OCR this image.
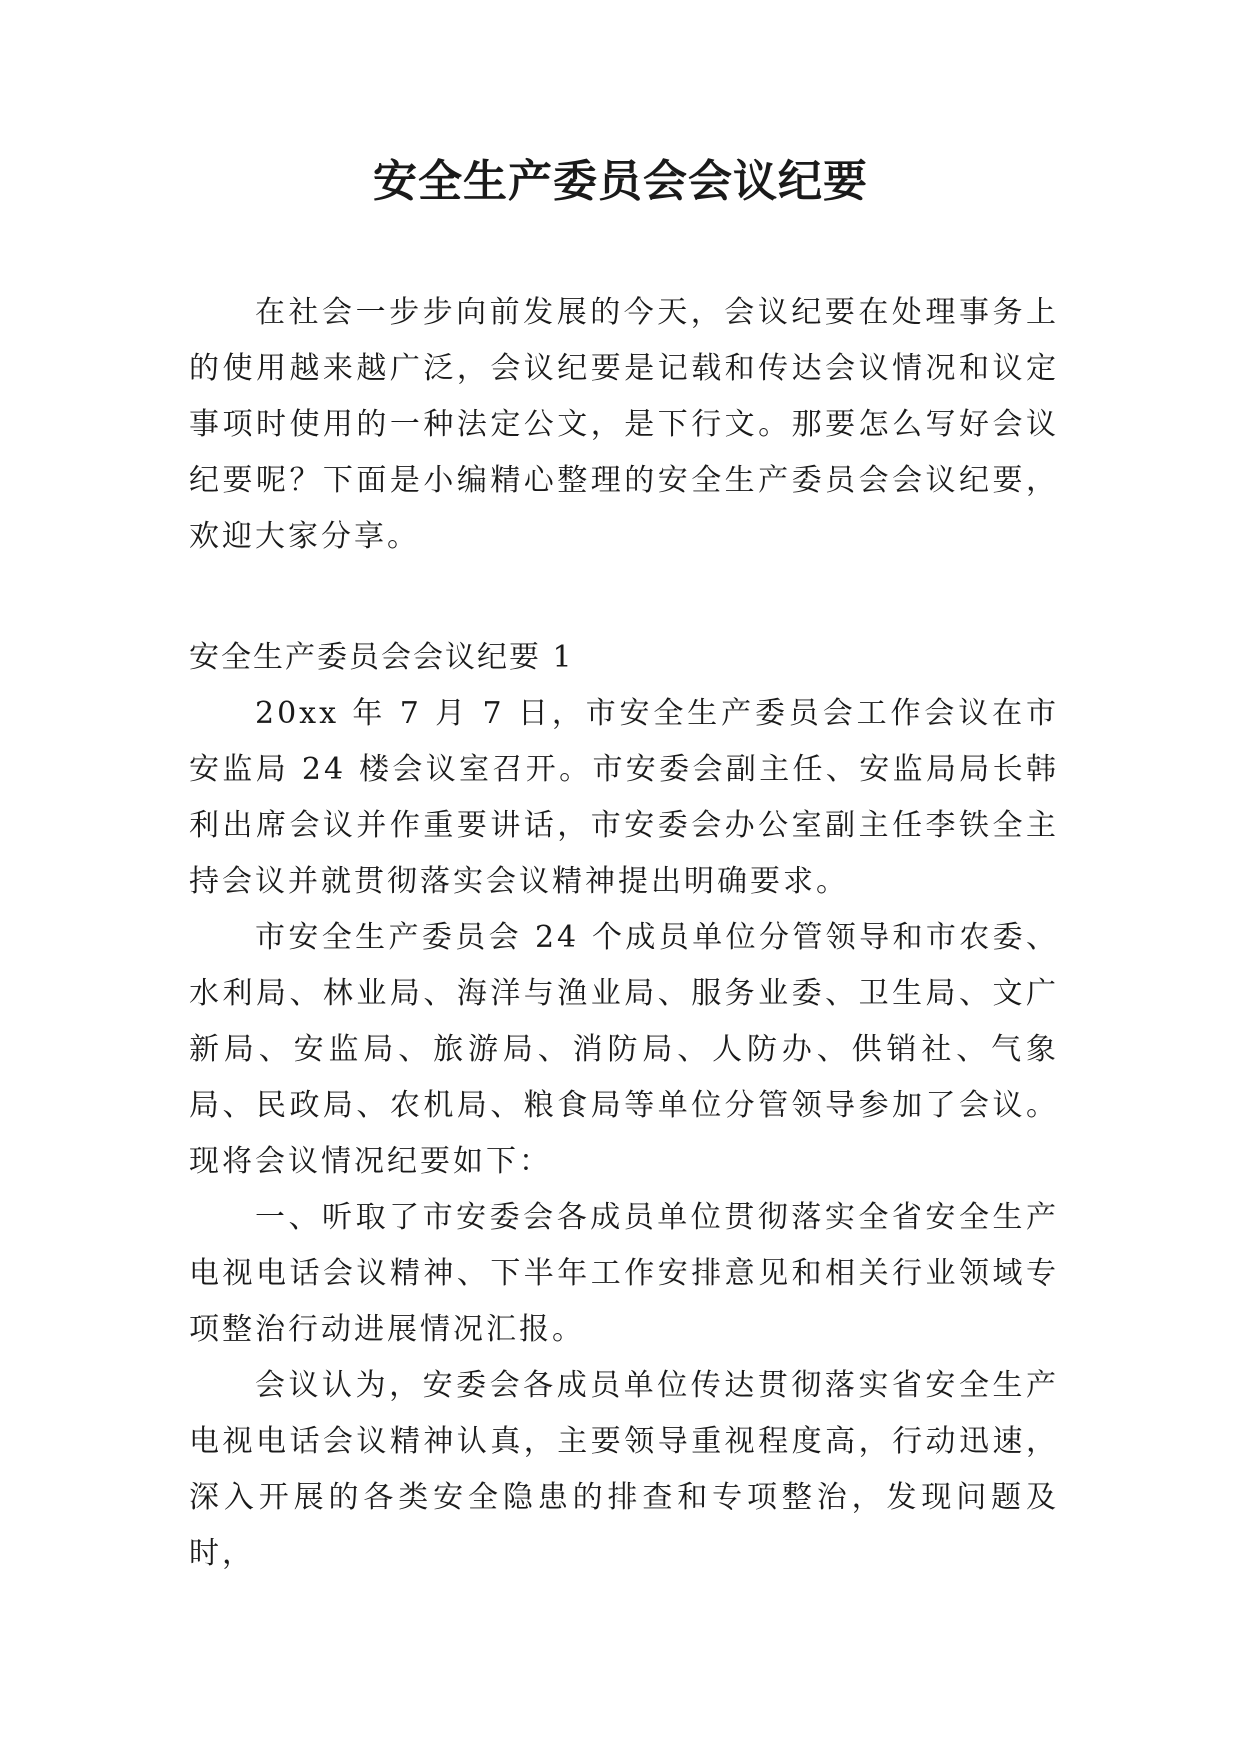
安全生产委员会会议纪要

在社会一步步向前发展的今天，会议纪要在处理事务上的使用越来越广泛，会议纪要是记载和传达会议情况和议定事项时使用的一种法定公文，是下行文。那要怎么写好会议纪要呢？下面是小编精心整理的安全生产委员会会议纪要，欢迎大家分享。

安全生产委员会会议纪要 1

20xx 年 7 月 7 日，市安全生产委员会工作会议在市安监局 24 楼会议室召开。市安委会副主任、安监局局长韩利出席会议并作重要讲话，市安委会办公室副主任李铁全主持会议并就贯彻落实会议精神提出明确要求。

市安全生产委员会 24 个成员单位分管领导和市农委、水利局、林业局、海洋与渔业局、服务业委、卫生局、文广新局、安监局、旅游局、消防局、人防办、供销社、气象局、民政局、农机局、粮食局等单位分管领导参加了会议。现将会议情况纪要如下：

一、听取了市安委会各成员单位贯彻落实全省安全生产电视电话会议精神、下半年工作安排意见和相关行业领域专项整治行动进展情况汇报。

会议认为，安委会各成员单位传达贯彻落实省安全生产电视电话会议精神认真，主要领导重视程度高，行动迅速，深入开展的各类安全隐患的排查和专项整治，发现问题及时，
